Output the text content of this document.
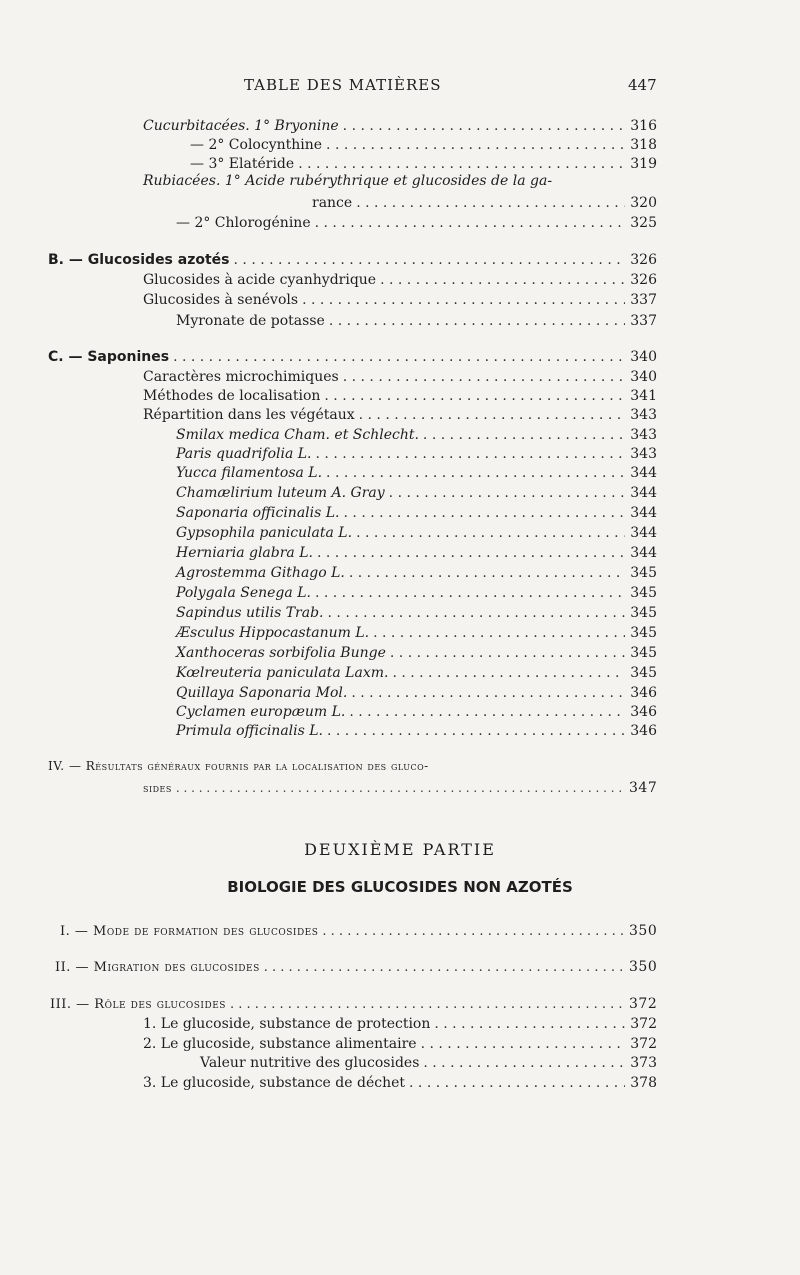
TABLE DES MATIÈRES	447
Cucurbitacées. 1° Bryonine . . .	316
— 2° Colocynthine . . .	318
— 3° Elatéride . . .	319
Rubiacées. 1° Acide rubérythrique et glucosides de la ga-
rance . . .	320
— 2° Chlorogénine . . .	325
B. — Glucosides azotés . . .	326
Glucosides à acide cyanhydrique . . .	326
Glucosides à senévols . . .	337
Myronate de potasse . . .	337
C. — Saponines . . .	340
Caractères microchimiques . . .	340
Méthodes de localisation . . .	341
Répartition dans les végétaux . . .	343
Smilax medica Cham. et Schlecht. . . .	343
Paris quadrifolia L. . . .	343
Yucca filamentosa L. . . .	344
Chamælirium luteum A. Gray . . .	344
Saponaria officinalis L. . . .	344
Gypsophila paniculata L. . . .	344
Herniaria glabra L. . . .	344
Agrostemma Githago L. . . .	345
Polygala Senega L. . . .	345
Sapindus utilis Trab. . . .	345
Æsculus Hippocastanum L. . . .	345
Xanthoceras sorbifolia Bunge . . .	345
Kœlreuteria paniculata Laxm. . . .	345
Quillaya Saponaria Mol. . . .	346
Cyclamen europæum L. . . .	346
Primula officinalis L. . . .	346
IV. — Résultats généraux fournis par la localisation des gluco-
sides . . .	347
DEUXIÈME PARTIE
BIOLOGIE DES GLUCOSIDES NON AZOTÉS
I. — Mode de formation des glucosides . . .	350
II. — Migration des glucosides . . .	350
III. — Rôle des glucosides . . .	372
1. Le glucoside, substance de protection . . .	372
2. Le glucoside, substance alimentaire . . .	372
Valeur nutritive des glucosides . . .	373
3. Le glucoside, substance de déchet . . .	378
